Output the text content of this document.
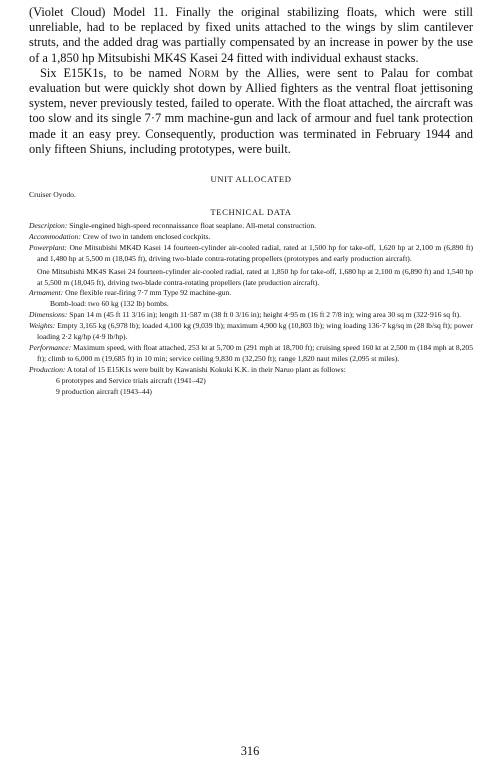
(Violet Cloud) Model 11. Finally the original stabilizing floats, which were still unreliable, had to be replaced by fixed units attached to the wings by slim cantilever struts, and the added drag was partially compensated by an increase in power by the use of a 1,850 hp Mitsubishi MK4S Kasei 24 fitted with individual exhaust stacks.

Six E15K1s, to be named Norm by the Allies, were sent to Palau for combat evaluation but were quickly shot down by Allied fighters as the ventral float jettisoning system, never previously tested, failed to operate. With the float attached, the aircraft was too slow and its single 7·7 mm machine-gun and lack of armour and fuel tank protection made it an easy prey. Consequently, production was terminated in February 1944 and only fifteen Shiuns, including prototypes, were built.

UNIT ALLOCATED
Cruiser Oyodo.
TECHNICAL DATA

Description: Single-engined high-speed reconnaissance float seaplane. All-metal construction.

Accommodation: Crew of two in tandem enclosed cockpits.

Powerplant: One Mitsubishi MK4D Kasei 14 fourteen-cylinder air-cooled radial, rated at 1,500 hp for take-off, 1,620 hp at 2,100 m (6,890 ft) and 1,480 hp at 5,500 m (18,045 ft), driving two-blade contra-rotating propellers (prototypes and early production aircraft).

One Mitsubishi MK4S Kasei 24 fourteen-cylinder air-cooled radial, rated at 1,850 hp for take-off, 1,680 hp at 2,100 m (6,890 ft) and 1,540 hp at 5,500 m (18,045 ft), driving two-blade contra-rotating propellers (late production aircraft).

Armament: One flexible rear-firing 7·7 mm Type 92 machine-gun.

Bomb-load: two 60 kg (132 lb) bombs.

Dimensions: Span 14 m (45 ft 11 3/16 in); length 11·587 m (38 ft 0 3/16 in); height 4·95 m (16 ft 2 7/8 in); wing area 30 sq m (322·916 sq ft).

Weights: Empty 3,165 kg (6,978 lb); loaded 4,100 kg (9,039 lb); maximum 4,900 kg (10,803 lb); wing loading 136·7 kg/sq m (28 lb/sq ft); power loading 2·2 kg/hp (4·9 lb/hp).

Performance: Maximum speed, with float attached, 253 kt at 5,700 m (291 mph at 18,700 ft); cruising speed 160 kt at 2,500 m (184 mph at 8,205 ft); climb to 6,000 m (19,685 ft) in 10 min; service ceiling 9,830 m (32,250 ft); range 1,820 naut miles (2,095 st miles).

Production: A total of 15 E15K1s were built by Kawanishi Kokuki K.K. in their Naruo plant as follows:

6 prototypes and Service trials aircraft (1941–42)

9 production aircraft (1943–44)

316
